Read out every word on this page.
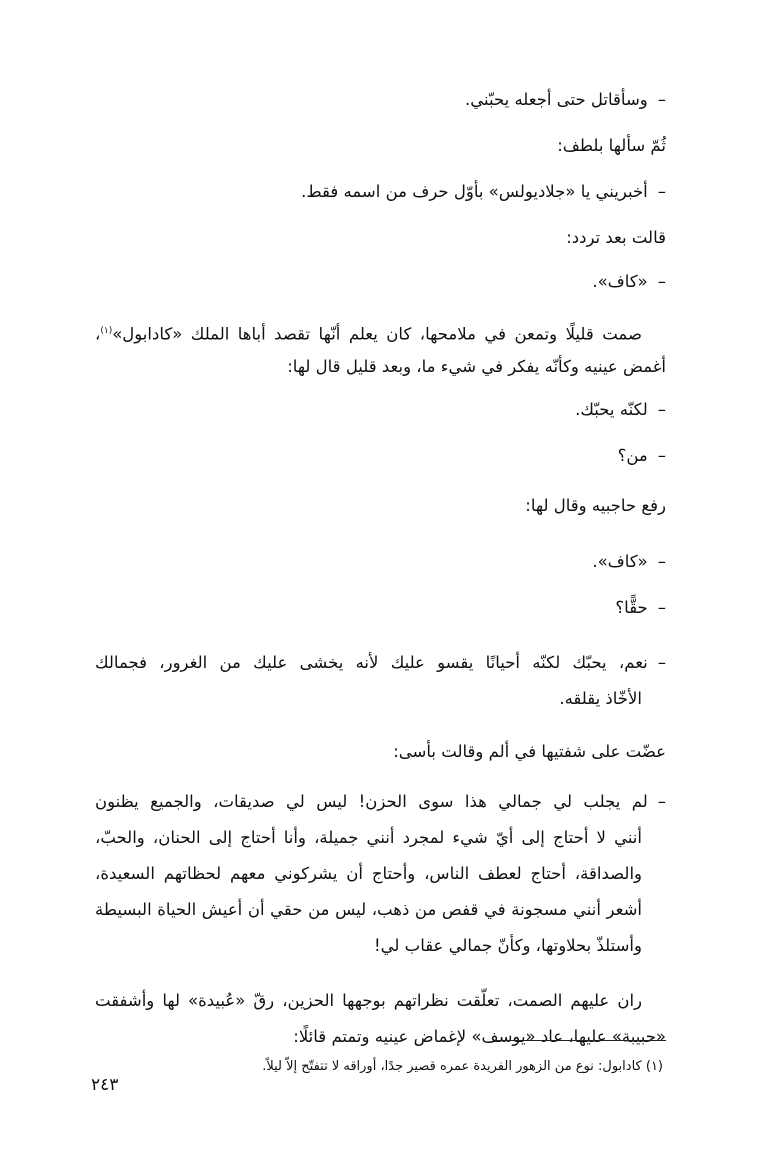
–وسأقاتل حتى أجعله يحبّني.

ثُمّ سألها بلطف:

–أخبريني يا «جلاديولس» بأوّل حرف من اسمه فقط.

قالت بعد تردد:

–«كاف».

صمت قليلًا وتمعن في ملامحها، كان يعلم أنّها تقصد أباها الملك «كادابول»$^{(١)}$،
أغمض عينيه وكأنّه يفكر في شيء ما، وبعد قليل قال لها:

–لكنّه يحبّك.

–من؟

رفع حاجبيه وقال لها:

–«كاف».

–حقًّا؟

–نعم، يحبّك لكنّه أحيانًا يقسو عليك لأنه يخشى عليك من الغرور، فجمالك
الأخّاذ يقلقه.

عضّت على شفتيها في ألم وقالت بأسى:

–لم يجلب لي جمالي هذا سوى الحزن! ليس لي صديقات، والجميع يظنون
أنني لا أحتاج إلى أيّ شيء لمجرد أنني جميلة، وأنا أحتاج إلى الحنان، والحبّ،
والصداقة، أحتاج لعطف الناس، وأحتاج أن يشركوني معهم لحظاتهم السعيدة،
أشعر أنني مسجونة في قفص من ذهب، ليس من حقي أن أعيش الحياة البسيطة
وأستلذّ بحلاوتها، وكأنّ جمالي عقاب لي!
ران عليهم الصمت، تعلّقت نظراتهم بوجهها الحزين، رقّ «عُبيدة» لها وأشفقت
«حبيبة» عليها، عاد «يوسف» لإغماض عينيه وتمتم قائلًا:

(١) كادابول: نوع من الزهور الفريدة عمره قصير جدًا، أوراقه لا تتفتّح إلاّ ليلاً.

٢٤٣
